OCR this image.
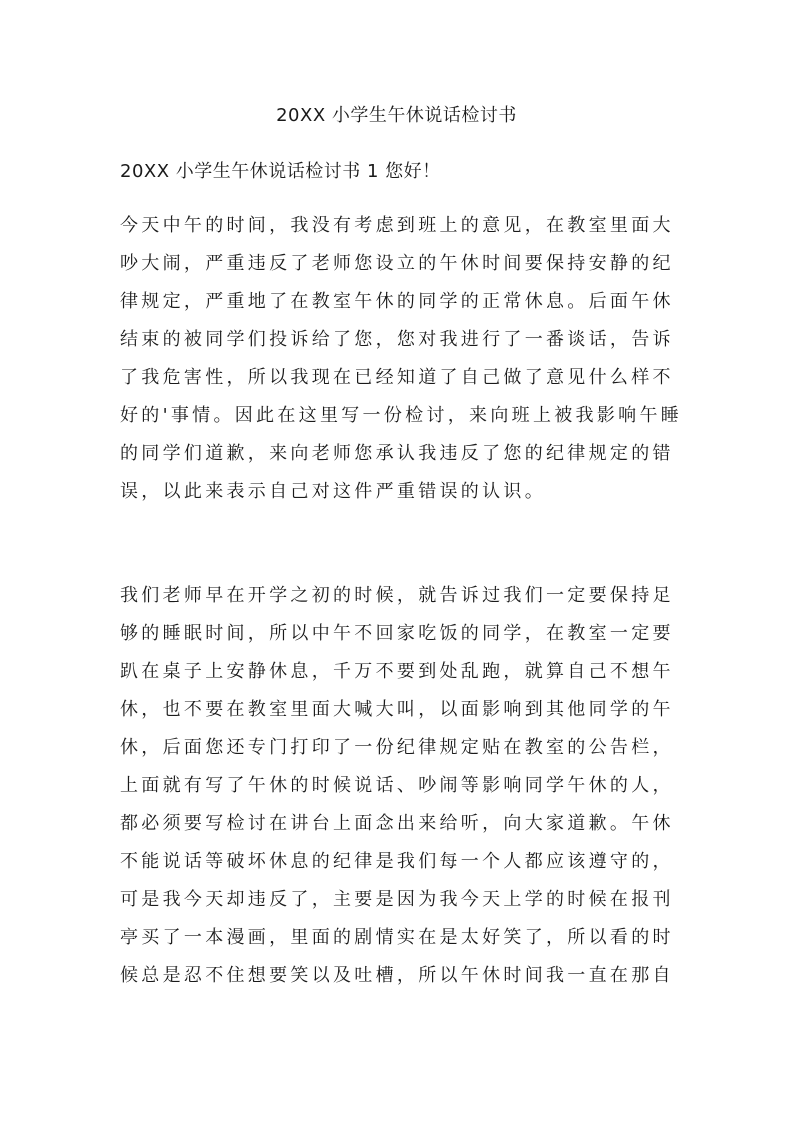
20XX 小学生午休说话检讨书
20XX 小学生午休说话检讨书 1 您好！
今天中午的时间，我没有考虑到班上的意见，在教室里面大
吵大闹，严重违反了老师您设立的午休时间要保持安静的纪
律规定，严重地了在教室午休的同学的正常休息。后面午休
结束的被同学们投诉给了您，您对我进行了一番谈话，告诉
了我危害性，所以我现在已经知道了自己做了意见什么样不
好的'事情。因此在这里写一份检讨，来向班上被我影响午睡
的同学们道歉，来向老师您承认我违反了您的纪律规定的错
误，以此来表示自己对这件严重错误的认识。
我们老师早在开学之初的时候，就告诉过我们一定要保持足
够的睡眠时间，所以中午不回家吃饭的同学，在教室一定要
趴在桌子上安静休息，千万不要到处乱跑，就算自己不想午
休，也不要在教室里面大喊大叫，以面影响到其他同学的午
休，后面您还专门打印了一份纪律规定贴在教室的公告栏，
上面就有写了午休的时候说话、吵闹等影响同学午休的人，
都必须要写检讨在讲台上面念出来给听，向大家道歉。午休
不能说话等破坏休息的纪律是我们每一个人都应该遵守的，
可是我今天却违反了，主要是因为我今天上学的时候在报刊
亭买了一本漫画，里面的剧情实在是太好笑了，所以看的时
候总是忍不住想要笑以及吐槽，所以午休时间我一直在那自
